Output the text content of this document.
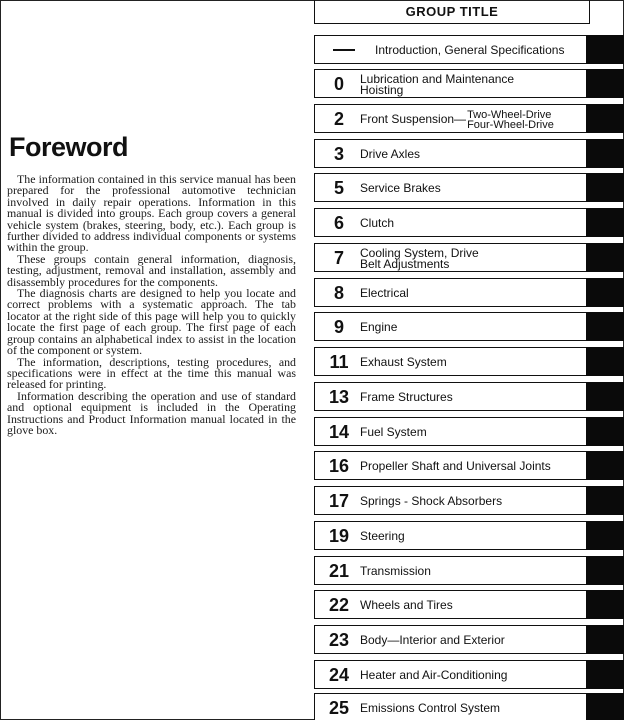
Foreword

The information contained in this service manual has been prepared for the professional automotive technician involved in daily repair operations. Information in this manual is divided into groups. Each group covers a general vehicle system (brakes, steering, body, etc.). Each group is further divided to address individual components or systems within the group.

These groups contain general information, diagnosis, testing, adjustment, removal and installation, assembly and disassembly procedures for the components.

The diagnosis charts are designed to help you locate and correct problems with a systematic approach. The tab locator at the right side of this page will help you to quickly locate the first page of each group. The first page of each group contains an alphabetical index to assist in the location of the component or system.

The information, descriptions, testing procedures, and specifications were in effect at the time this manual was released for printing.

Information describing the operation and use of standard and optional equipment is included in the Operating Instructions and Product Information manual located in the glove box.

GROUP TITLE
Introduction, General Specifications
0	Lubrication and Maintenance
Hoisting
2	Front Suspension— Two-Wheel-Drive
Four-Wheel-Drive
3	Drive Axles
5	Service Brakes
6	Clutch
7	Cooling System, Drive
Belt Adjustments
8	Electrical
9	Engine
11 Exhaust System
13 Frame Structures
14 Fuel System
16 Propeller Shaft and Universal Joints
17 Springs - Shock Absorbers
19 Steering
21 Transmission
22 Wheels and Tires
23 Body—Interior and Exterior
24 Heater and Air-Conditioning
25 Emissions Control System
